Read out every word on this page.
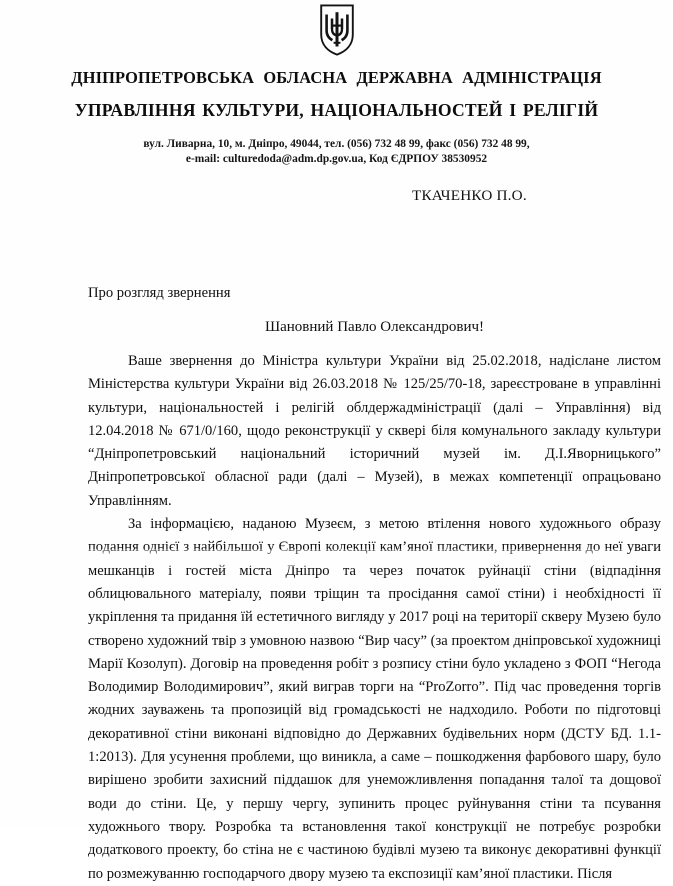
ДНІПРОПЕТРОВСЬКА ОБЛАСНА ДЕРЖАВНА АДМІНІСТРАЦІЯ
УПРАВЛІННЯ КУЛЬТУРИ, НАЦІОНАЛЬНОСТЕЙ І РЕЛІГІЙ
вул. Ливарна, 10, м. Дніпро, 49044, тел. (056) 732 48 99, факс (056) 732 48 99,
e-mail: culturedoda@adm.dp.gov.ua, Код ЄДРПОУ 38530952
ТКАЧЕНКО П.О.
Про розгляд звернення
Шановний Павло Олександрович!

Ваше звернення до Міністра культури України від 25.02.2018, надіслане листом Міністерства культури України від 26.03.2018 № 125/25/70-18, зареєстроване в управлінні культури, національностей і релігій облдержадміністрації (далі – Управління) від 12.04.2018 № 671/0/160, щодо реконструкції у сквері біля комунального закладу культури “Дніпропетровський національний історичний музей ім. Д.І.Яворницького” Дніпропетровської обласної ради (далі – Музей), в межах компетенції опрацьовано Управлінням.

За інформацією, наданою Музеєм, з метою втілення нового художнього образу подання однієї з найбільшої у Європі колекції кам’яної пластики, привернення до неї уваги мешканців і гостей міста Дніпро та через початок руйнації стіни (відпадіння облицювального матеріалу, появи тріщин та просідання самої стіни) і необхідності її укріплення та придання їй естетичного вигляду у 2017 році на території скверу Музею було створено художний твір з умовною назвою “Вир часу” (за проектом дніпровської художниці Марії Козолуп). Договір на проведення робіт з розпису стіни було укладено з ФОП “Негода Володимир Володимирович”, який виграв торги на “ProZorro”. Під час проведення торгів жодних зауважень та пропозицій від громадськості не надходило. Роботи по підготовці декоративної стіни виконані відповідно до Державних будівельних норм (ДСТУ БД. 1.1-1:2013). Для усунення проблеми, що виникла, а саме – пошкодження фарбового шару, було вирішено зробити захисний піддашок для унеможливлення попадання талої та дощової води до стіни. Це, у першу чергу, зупинить процес руйнування стіни та псування художнього твору. Розробка та встановлення такої конструкції не потребує розробки додаткового проекту, бо стіна не є частиною будівлі музею та виконує декоративні функції по розмежуванню господарчого двору музею та експозиції кам’яної пластики. Після
